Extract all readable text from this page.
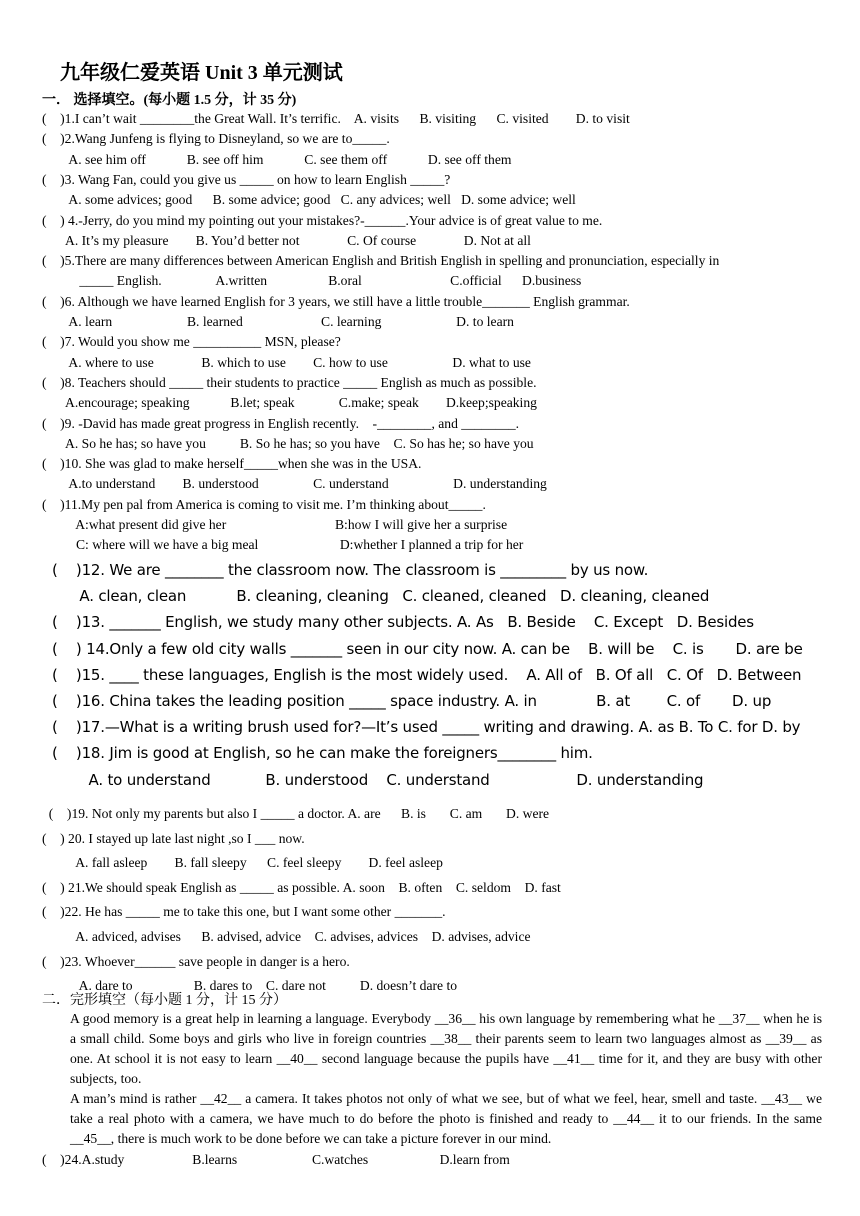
九年级仁爱英语 Unit 3 单元测试
一． 选择填空。(每小题 1.5 分，计 35 分)
(    )1.I can’t wait ________the Great Wall. It’s terrific.    A. visits      B. visiting      C. visited        D. to visit
(    )2.Wang Junfeng is flying to Disneyland, so we are to_____.
A. see him off            B. see off him            C. see them off            D. see off them
(    )3. Wang Fan, could you give us _____ on how to learn English _____?
A. some advices; good      B. some advice; good   C. any advices; well   D. some advice; well
(    ) 4.-Jerry, do you mind my pointing out your mistakes?-______.Your advice is of great value to me.
A. It’s my pleasure        B. You’d better not              C. Of course              D. Not at all
(    )5.There are many differences between American English and British English in spelling and pronunciation, especially in
_____ English.                A.written                  B.oral                          C.official      D.business
(    )6. Although we have learned English for 3 years, we still have a little trouble_______ English grammar.
A. learn                      B. learned                       C. learning                      D. to learn
(    )7. Would you show me __________ MSN, please?
A. where to use              B. which to use        C. how to use                   D. what to use
(    )8. Teachers should _____ their students to practice _____ English as much as possible.
A.encourage; speaking            B.let; speak             C.make; speak        D.keep;speaking
(    )9. -David has made great progress in English recently.    -________, and ________.
A. So he has; so have you          B. So he has; so you have    C. So has he; so have you
(    )10. She was glad to make herself_____when she was in the USA.
A.to understand        B. understood                C. understand                   D. understanding
(    )11.My pen pal from America is coming to visit me. I’m thinking about_____.
A:what present did give her                                B:how I will give her a surprise
C: where will we have a big meal                        D:whether I planned a trip for her
(    )12. We are ________ the classroom now. The classroom is _________ by us now.
A. clean, clean           B. cleaning, cleaning   C. cleaned, cleaned   D. cleaning, cleaned
(    )13. _______ English, we study many other subjects. A. As   B. Beside    C. Except   D. Besides
(    ) 14.Only a few old city walls _______ seen in our city now. A. can be    B. will be    C. is       D. are be
(    )15. ____ these languages, English is the most widely used.    A. All of   B. Of all   C. Of   D. Between
(    )16. China takes the leading position _____ space industry. A. in             B. at        C. of       D. up
(    )17.—What is a writing brush used for?—It’s used _____ writing and drawing. A. as B. To C. for D. by
(    )18. Jim is good at English, so he can make the foreigners________ him.
A. to understand            B. understood    C. understand                   D. understanding
(    )19. Not only my parents but also I _____ a doctor. A. are      B. is       C. am       D. were
(    ) 20. I stayed up late last night ,so I ___ now.
A. fall asleep        B. fall sleepy      C. feel sleepy        D. feel asleep
(    ) 21.We should speak English as _____ as possible. A. soon    B. often    C. seldom    D. fast
(    )22. He has _____ me to take this one, but I want some other _______.
A. adviced, advises      B. advised, advice    C. advises, advices    D. advises, advice
(    )23. Whoever______ save people in danger is a hero.
A. dare to                  B. dares to    C. dare not          D. doesn’t dare to
二．完形填空（每小题 1 分，计 15 分）
A good memory is a great help in learning a language. Everybody __36__ his own language by remembering what he __37__ when he is a small child. Some boys and girls who live in foreign countries __38__ their parents seem to learn two languages almost as __39__ as one. At school it is not easy to learn __40__ second language because the pupils have __41__ time for it, and they are busy with other subjects, too.
A man’s mind is rather __42__ a camera. It takes photos not only of what we see, but of what we feel, hear, smell and taste. __43__ we take a real photo with a camera, we have much to do before the photo is finished and ready to __44__ it to our friends. In the same __45__, there is much work to be done before we can take a picture forever in our mind.
(    )24.A.study                    B.learns                      C.watches                     D.learn from
